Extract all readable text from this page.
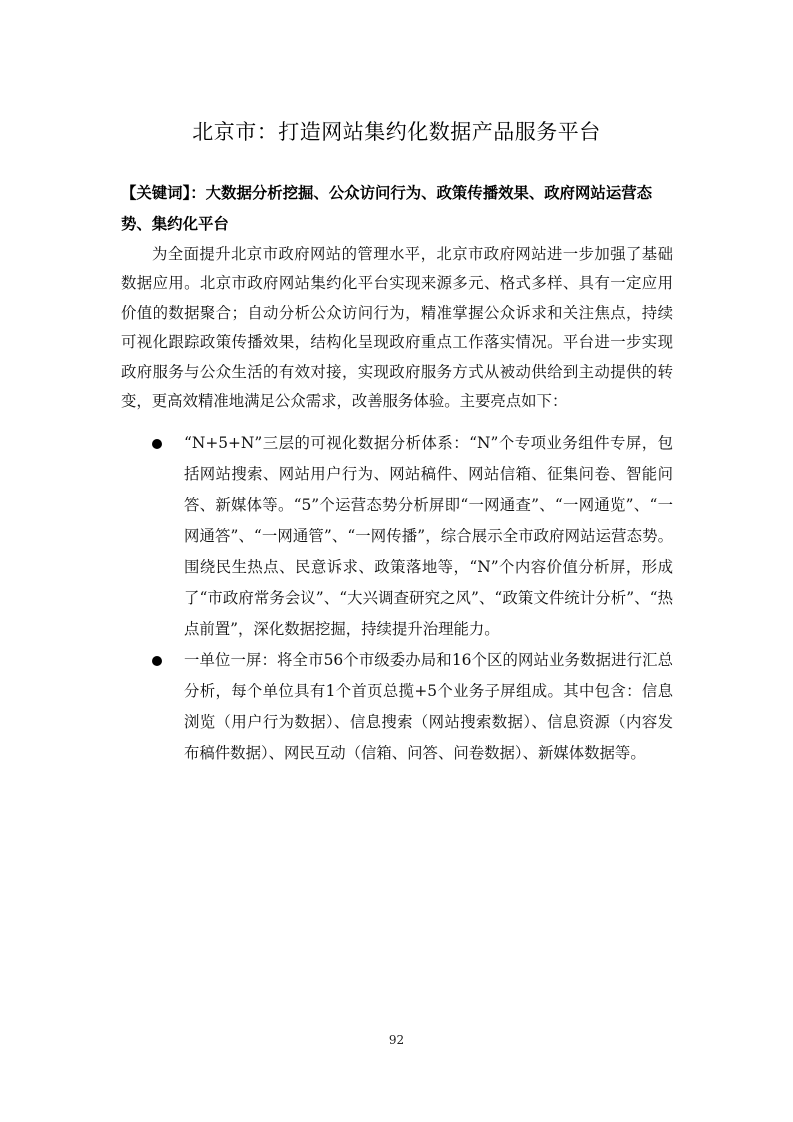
北京市：打造网站集约化数据产品服务平台
【关键词】：大数据分析挖掘、公众访问行为、政策传播效果、政府网站运营态势、集约化平台

为全面提升北京市政府网站的管理水平，北京市政府网站进一步加强了基础数据应用。北京市政府网站集约化平台实现来源多元、格式多样、具有一定应用价值的数据聚合；自动分析公众访问行为，精准掌握公众诉求和关注焦点，持续可视化跟踪政策传播效果，结构化呈现政府重点工作落实情况。平台进一步实现政府服务与公众生活的有效对接，实现政府服务方式从被动供给到主动提供的转变，更高效精准地满足公众需求，改善服务体验。主要亮点如下：

“N+5+N”三层的可视化数据分析体系：“N”个专项业务组件专屏，包括网站搜索、网站用户行为、网站稿件、网站信箱、征集问卷、智能问答、新媒体等。“5”个运营态势分析屏即“一网通查”、“一网通览”、“一网通答”、“一网通管”、“一网传播”，综合展示全市政府网站运营态势。围绕民生热点、民意诉求、政策落地等，“N”个内容价值分析屏，形成了“市政府常务会议”、“大兴调查研究之风”、“政策文件统计分析”、“热点前置”，深化数据挖掘，持续提升治理能力。
一单位一屏：将全市56个市级委办局和16个区的网站业务数据进行汇总分析，每个单位具有1个首页总揽+5个业务子屏组成。其中包含：信息浏览（用户行为数据）、信息搜索（网站搜索数据）、信息资源（内容发布稿件数据）、网民互动（信箱、问答、问卷数据）、新媒体数据等。
92
